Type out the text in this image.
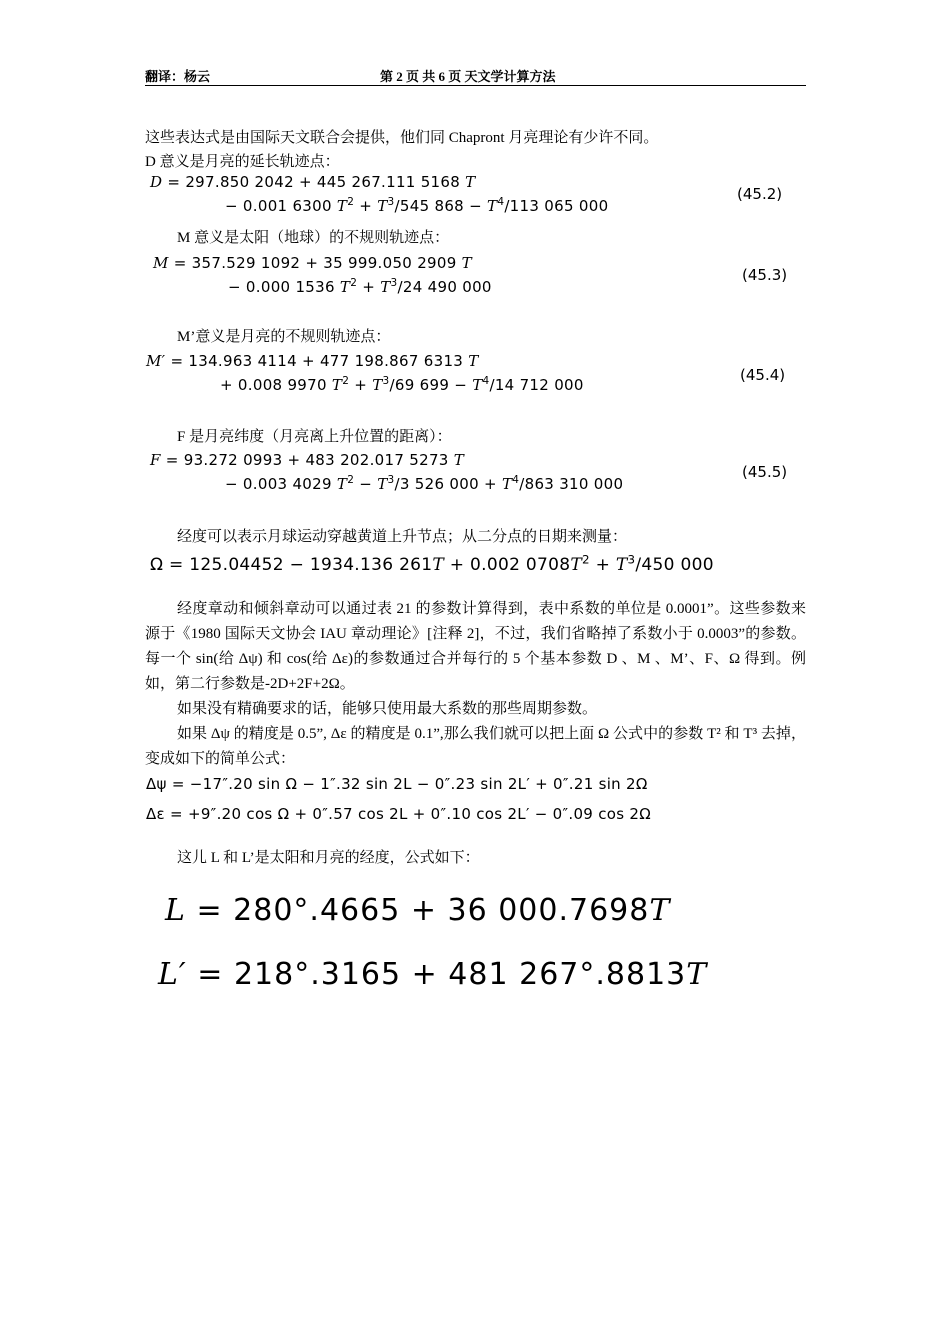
翻译：杨云	第 2 页 共 6 页 天文学计算方法
这些表达式是由国际天文联合会提供，他们同 Chapront 月亮理论有少许不同。
D 意义是月亮的延长轨迹点：
D = 297.850 2042 + 445 267.111 5168 T
− 0.001 6300 $T^2 + T^3/545$ $868 - T^4/113$ 065 000
(45.2)
M 意义是太阳（地球）的不规则轨迹点：
M = 357.529 1092 + 35 999.050 2909 T
− 0.000 1536 $T^2 + T^3/24$ 490 000
(45.3)
M’意义是月亮的不规则轨迹点：
M′ = 134.963 4114 + 477 198.867 6313 T
+ 0.008 9970 $T^2 + T^3/69$ $699 - T^4/14$ 712 000
(45.4)
F 是月亮纬度（月亮离上升位置的距离）：
F = 93.272 0993 + 483 202.017 5273 T
− 0.003 4029 $T^2 - T^3/3$ 526 $000 + T^4/863$ 310 000
(45.5)
经度可以表示月球运动穿越黄道上升节点；从二分点的日期来测量：
Ω = 125.04452 − 1934.136 261T + 0.002 $0708T^2 + T^3/450$ 000
经度章动和倾斜章动可以通过表 21 的参数计算得到，表中系数的单位是 0.0001”。这些参数来源于《1980 国际天文协会 IAU 章动理论》[注释 2]，不过，我们省略掉了系数小于 0.0003”的参数。每一个 sin(给 Δψ) 和 cos(给 Δε)的参数通过合并每行的 5 个基本参数 D 、M 、M’、F、Ω 得到。例如，第二行参数是-2D+2F+2Ω。
如果没有精确要求的话，能够只使用最大系数的那些周期参数。
如果 Δψ 的精度是 0.5”, Δε 的精度是 0.1”,那么我们就可以把上面 Ω 公式中的参数 T² 和 T³ 去掉，变成如下的简单公式：
Δψ = −17″.20 sin Ω − 1″.32 sin 2L − 0″.23 sin 2L′ + 0″.21 sin 2Ω
Δε = +9″.20 cos Ω + 0″.57 cos 2L + 0″.10 cos 2L′ − 0″.09 cos 2Ω
这儿 L 和 L’是太阳和月亮的经度，公式如下：
L = 280°.4665 + 36 000.7698T
L′ = 218°.3165 + 481 267°.8813T
